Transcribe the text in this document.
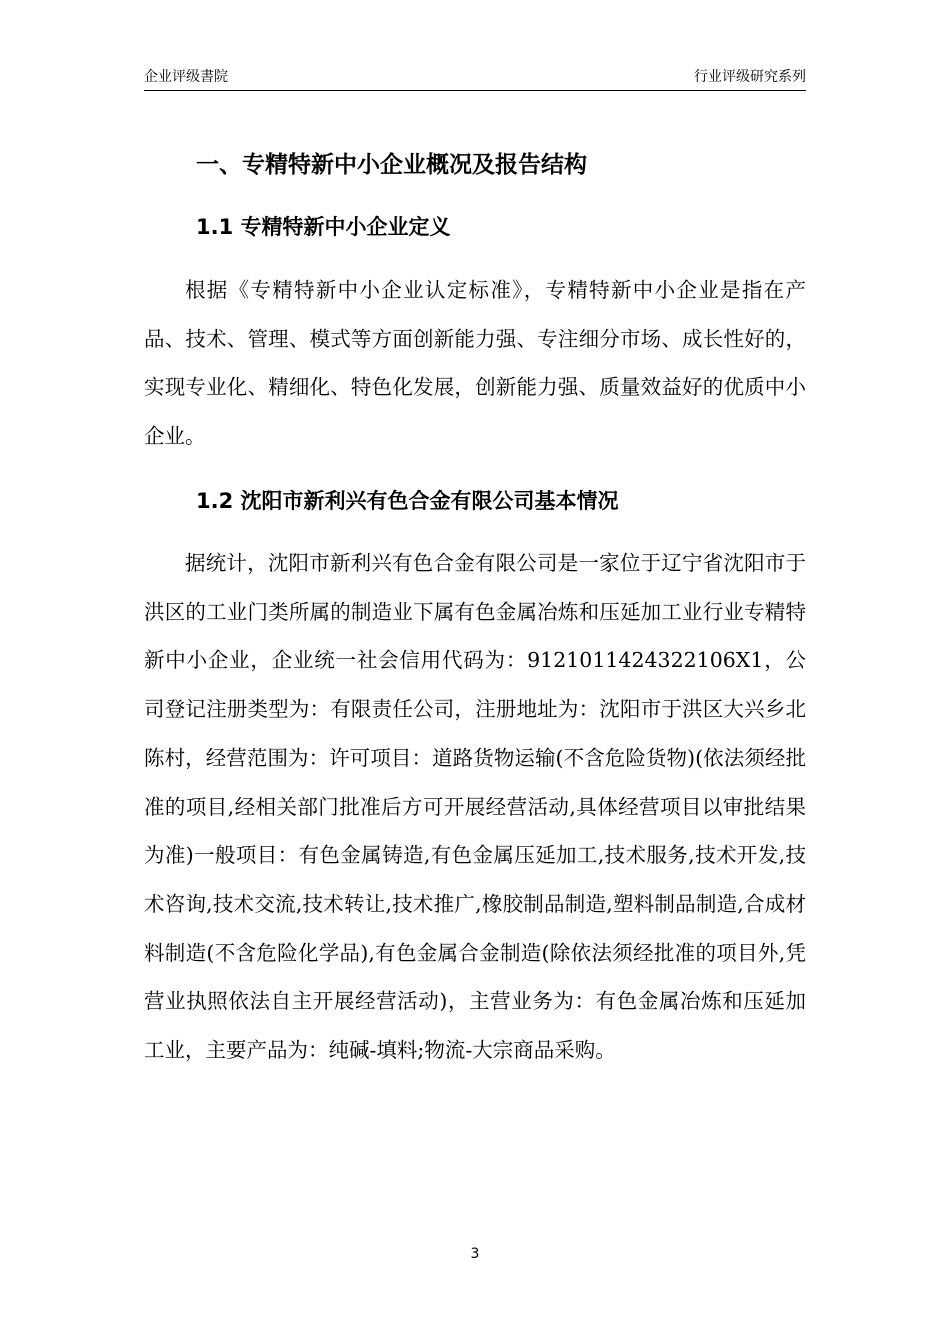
企业评级書院	行业评级研究系列
一、专精特新中小企业概况及报告结构
1.1 专精特新中小企业定义

根据《专精特新中小企业认定标准》，专精特新中小企业是指在产品、技术、管理、模式等方面创新能力强、专注细分市场、成长性好的，实现专业化、精细化、特色化发展，创新能力强、质量效益好的优质中小企业。

1.2 沈阳市新利兴有色合金有限公司基本情况

据统计，沈阳市新利兴有色合金有限公司是一家位于辽宁省沈阳市于洪区的工业门类所属的制造业下属有色金属冶炼和压延加工业行业专精特新中小企业，企业统一社会信用代码为：9121011424322106X1，公司登记注册类型为：有限责任公司，注册地址为：沈阳市于洪区大兴乡北陈村，经营范围为：许可项目：道路货物运输(不含危险货物)(依法须经批准的项目,经相关部门批准后方可开展经营活动,具体经营项目以审批结果为准)一般项目：有色金属铸造,有色金属压延加工,技术服务,技术开发,技术咨询,技术交流,技术转让,技术推广,橡胶制品制造,塑料制品制造,合成材料制造(不含危险化学品),有色金属合金制造(除依法须经批准的项目外,凭营业执照依法自主开展经营活动)，主营业务为：有色金属冶炼和压延加工业，主要产品为：纯碱-填料;物流-大宗商品采购。

3
